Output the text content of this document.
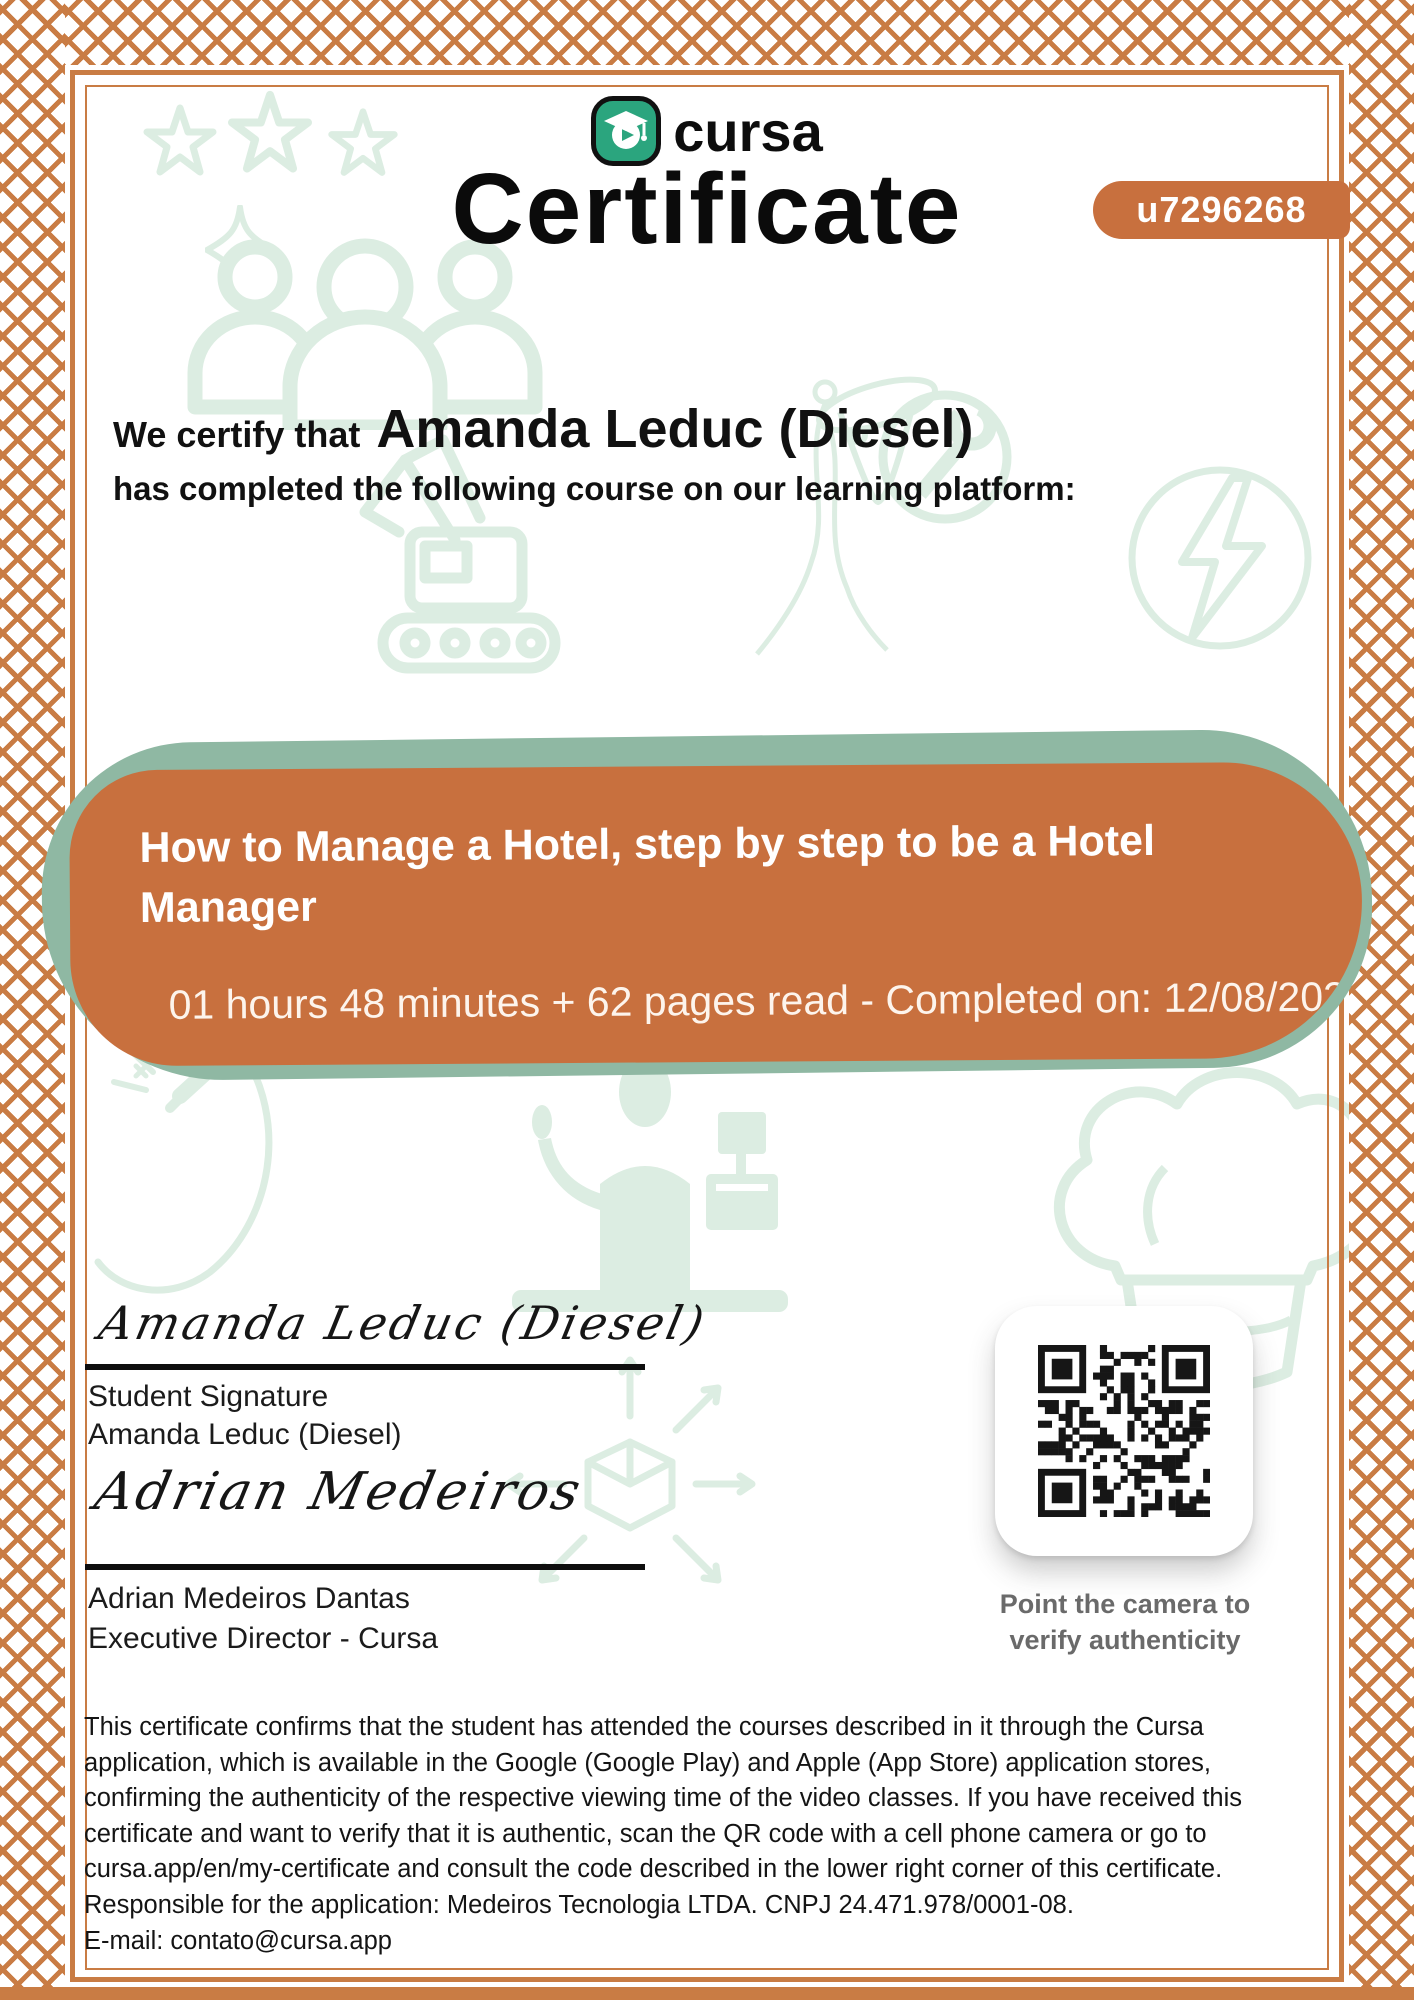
cursa
Certificate	u7296268
We certify that Amanda Leduc (Diesel)
has completed the following course on our learning platform:
How to Manage a Hotel, step by step to be a Hotel Manager
01 hours 48 minutes + 62 pages read - Completed on: 12/08/202
Amanda Leduc (Diesel)
Student Signature
Amanda Leduc (Diesel)
Adrian Medeiros
Adrian Medeiros Dantas
Executive Director - Cursa
Point the camera to
verify authenticity
This certificate confirms that the student has attended the courses described in it through the Cursa
application, which is available in the Google (Google Play) and Apple (App Store) application stores,
confirming the authenticity of the respective viewing time of the video classes. If you have received this
certificate and want to verify that it is authentic, scan the QR code with a cell phone camera or go to
cursa.app/en/my-certificate and consult the code described in the lower right corner of this certificate.
Responsible for the application: Medeiros Tecnologia LTDA. CNPJ 24.471.978/0001-08.
E-mail: contato@cursa.app
